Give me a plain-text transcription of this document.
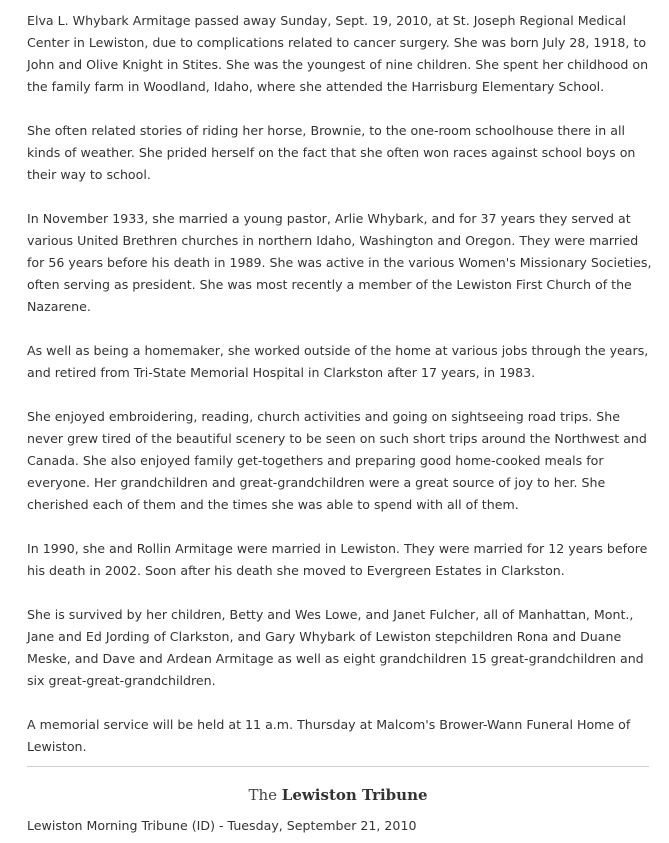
Elva L. Whybark Armitage passed away Sunday, Sept. 19, 2010, at St. Joseph Regional Medical Center in Lewiston, due to complications related to cancer surgery. She was born July 28, 1918, to John and Olive Knight in Stites. She was the youngest of nine children. She spent her childhood on the family farm in Woodland, Idaho, where she attended the Harrisburg Elementary School.

She often related stories of riding her horse, Brownie, to the one-room schoolhouse there in all kinds of weather. She prided herself on the fact that she often won races against school boys on their way to school.

In November 1933, she married a young pastor, Arlie Whybark, and for 37 years they served at various United Brethren churches in northern Idaho, Washington and Oregon. They were married for 56 years before his death in 1989. She was active in the various Women's Missionary Societies, often serving as president. She was most recently a member of the Lewiston First Church of the Nazarene.

As well as being a homemaker, she worked outside of the home at various jobs through the years, and retired from Tri-State Memorial Hospital in Clarkston after 17 years, in 1983.

She enjoyed embroidering, reading, church activities and going on sightseeing road trips. She never grew tired of the beautiful scenery to be seen on such short trips around the Northwest and Canada. She also enjoyed family get-togethers and preparing good home-cooked meals for everyone. Her grandchildren and great-grandchildren were a great source of joy to her. She cherished each of them and the times she was able to spend with all of them.

In 1990, she and Rollin Armitage were married in Lewiston. They were married for 12 years before his death in 2002. Soon after his death she moved to Evergreen Estates in Clarkston.

She is survived by her children, Betty and Wes Lowe, and Janet Fulcher, all of Manhattan, Mont., Jane and Ed Jording of Clarkston, and Gary Whybark of Lewiston stepchildren Rona and Duane Meske, and Dave and Ardean Armitage as well as eight grandchildren 15 great-grandchildren and six great-great-grandchildren.

A memorial service will be held at 11 a.m. Thursday at Malcom's Brower-Wann Funeral Home of Lewiston.

The Lewiston Tribune
Lewiston Morning Tribune (ID) - Tuesday, September 21, 2010
